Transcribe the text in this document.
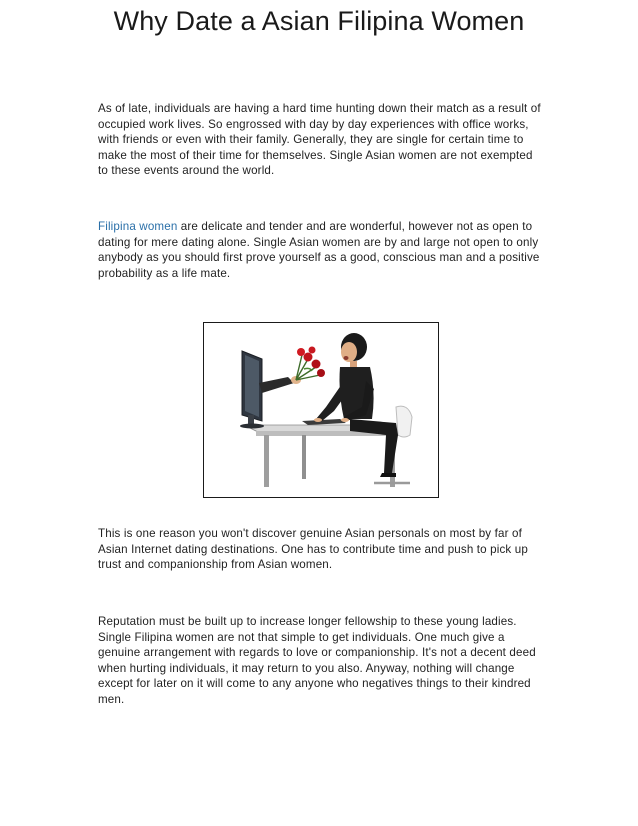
Why Date a Asian Filipina Women

As of late, individuals are having a hard time hunting down their match as a result of occupied work lives. So engrossed with day by day experiences with office works, with friends or even with their family. Generally, they are single for certain time to make the most of their time for themselves. Single Asian women are not exempted to these events around the world.

Filipina women are delicate and tender and are wonderful, however not as open to dating for mere dating alone. Single Asian women are by and large not open to only anybody as you should first prove yourself as a good, conscious man and a positive probability as a life mate.

This is one reason you won't discover genuine Asian personals on most by far of Asian Internet dating destinations. One has to contribute time and push to pick up trust and companionship from Asian women.

Reputation must be built up to increase longer fellowship to these young ladies. Single Filipina women are not that simple to get individuals. One much give a genuine arrangement with regards to love or companionship. It's not a decent deed when hurting individuals, it may return to you also. Anyway, nothing will change except for later on it will come to any anyone who negatives things to their kindred men.
